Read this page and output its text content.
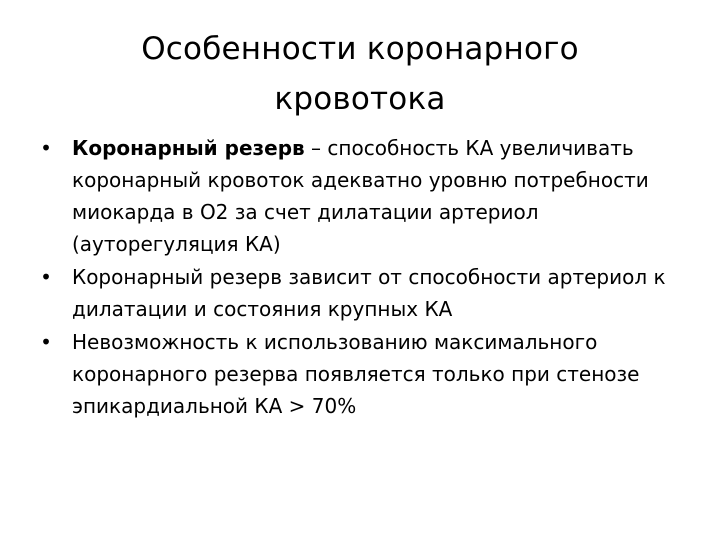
Особенности коронарного
кровотока
• Коронарный резерв – способность КА увеличивать коронарный кровоток адекватно уровню потребности миокарда в О2 за счет дилатации артериол (ауторегуляция КА)
• Коронарный резерв зависит от способности артериол к дилатации и состояния крупных КА
• Невозможность к использованию максимального коронарного резерва появляется только при стенозе эпикардиальной КА > 70%
